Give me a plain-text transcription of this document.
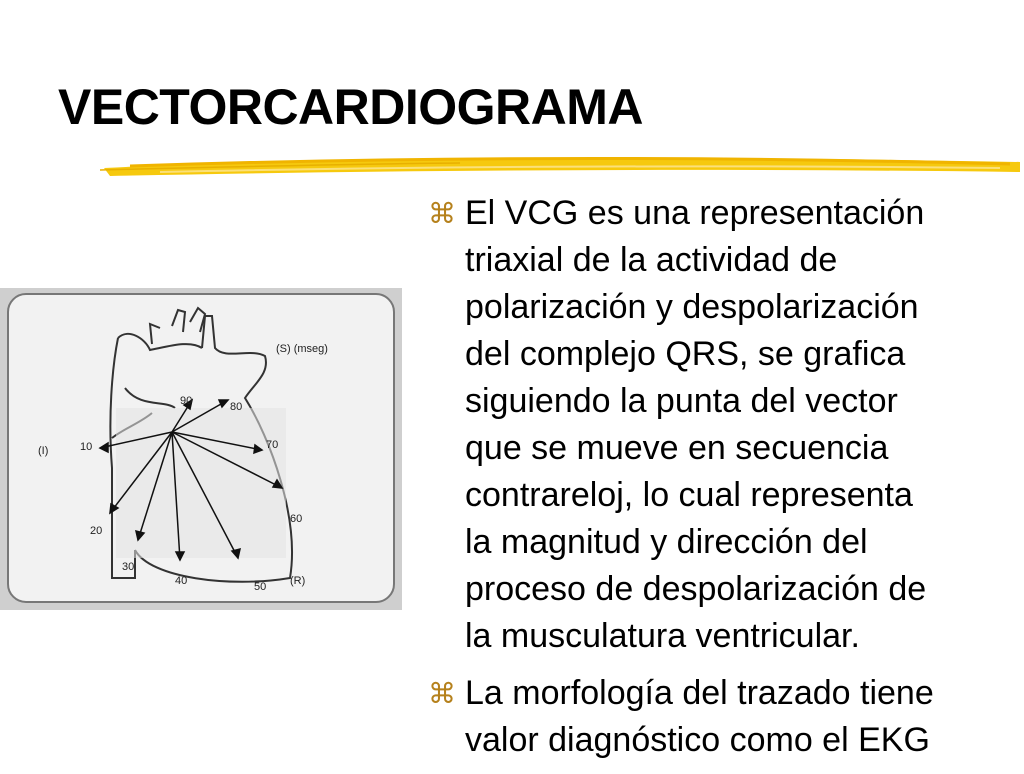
VECTORCARDIOGRAMA
(S) (mseg)
(I)
(R)
10
20
30
40	50
60
70
80
90
⌘ El VCG es una representación
triaxial de la actividad de
polarización y despolarización
del complejo QRS, se grafica
siguiendo la punta del vector
que se mueve en secuencia
contrareloj, lo cual representa
la magnitud y dirección del
proceso de despolarización de
la musculatura ventricular.
⌘ La morfología del trazado tiene
valor diagnóstico como el EKG
